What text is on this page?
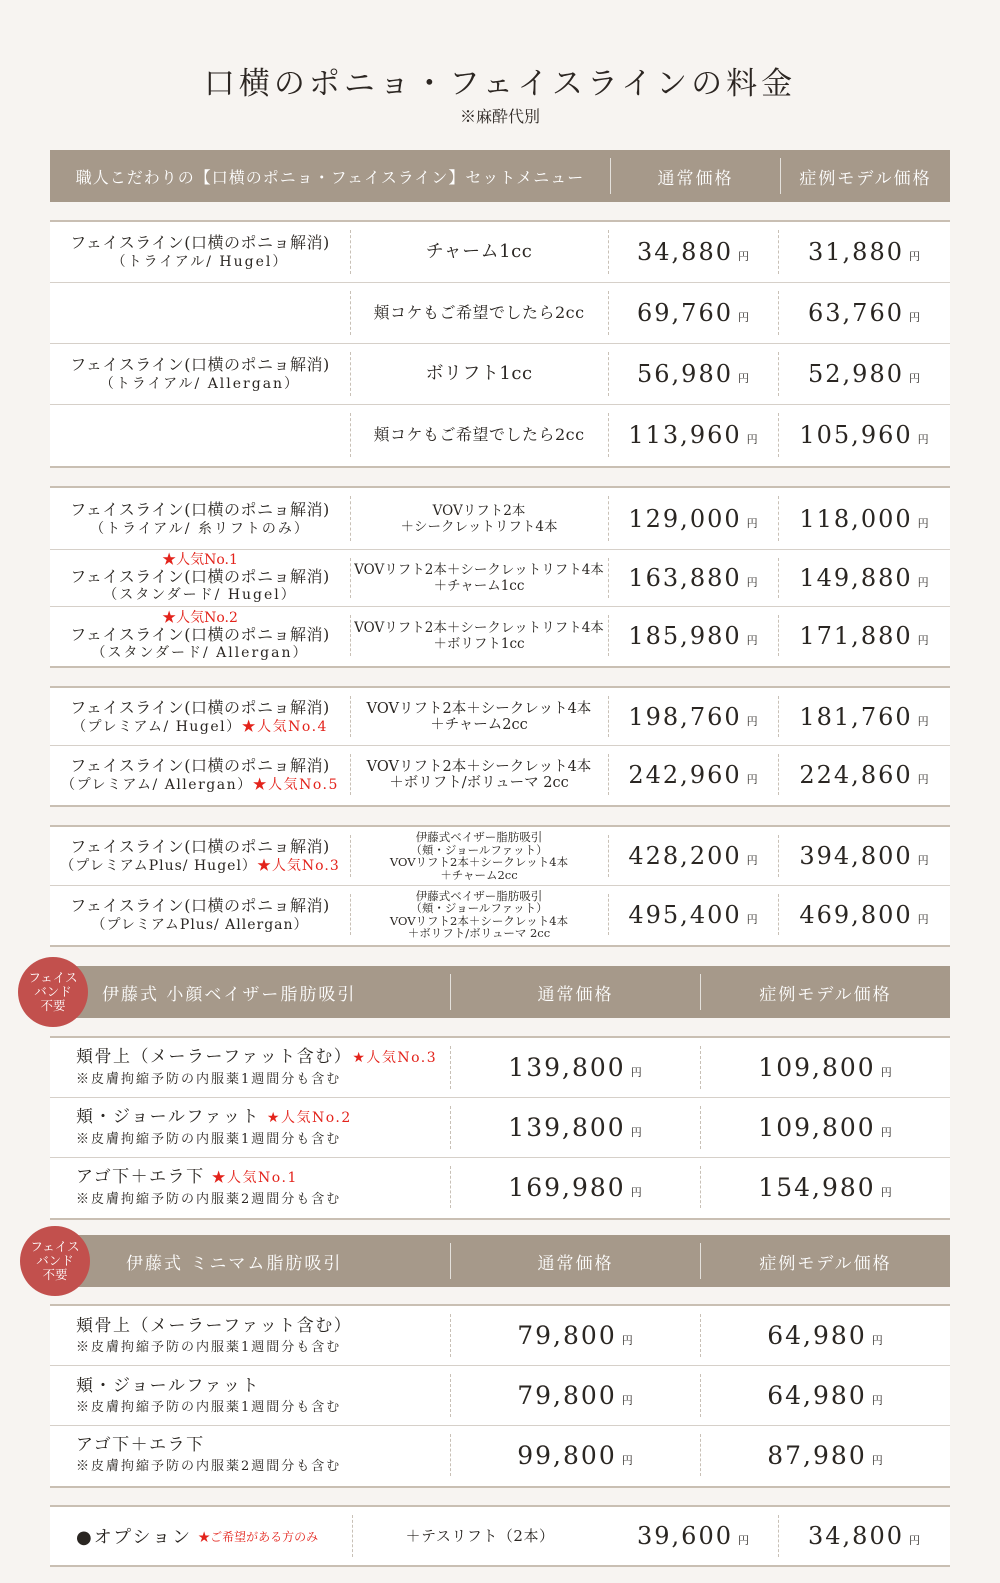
口横のポニョ・フェイスラインの料金
※麻酔代別
職人こだわりの【口横のポニョ・フェイスライン】セットメニュー	通常価格	症例モデル価格
フェイスライン(口横のポニョ解消)
（トライアル/ Hugel）	チャーム1cc	34,880 円 31,880 円
頬コケもご希望でしたら2cc 69,760 円 63,760 円
フェイスライン(口横のポニョ解消)
（トライアル/ Allergan）	ボリフト1cc	56,980 円 52,980 円
頬コケもご希望でしたら2cc 113,960 円 105,960 円
フェイスライン(口横のポニョ解消)
（トライアル/ 糸リフトのみ）
VOVリフト2本
＋シークレットリフト4本	129,000 円 118,000 円
★人気No.1
フェイスライン(口横のポニョ解消)
（スタンダード/ Hugel）
VOVリフト2本＋シークレットリフト4本
＋チャーム1cc	163,880 円 149,880 円
★人気No.2
フェイスライン(口横のポニョ解消)
（スタンダード/ Allergan）
VOVリフト2本＋シークレットリフト4本
＋ボリフト1cc	185,980 円 171,880 円
フェイスライン(口横のポニョ解消)
（プレミアム/ Hugel）★人気No.4
VOVリフト2本＋シークレット4本
＋チャーム2cc	198,760 円 181,760 円
フェイスライン(口横のポニョ解消)
（プレミアム/ Allergan）★人気No.5
VOVリフト2本＋シークレット4本
＋ボリフト/ボリューマ 2cc 242,960 円 224,860 円
フェイスライン(口横のポニョ解消)
（プレミアムPlus/ Hugel）★人気No.3
伊藤式ベイザー脂肪吸引
（頬・ジョールファット）
VOVリフト2本＋シークレット4本
＋チャーム2cc
428,200 円 394,800 円
フェイスライン(口横のポニョ解消)
（プレミアムPlus/ Allergan）
伊藤式ベイザー脂肪吸引
（頬・ジョールファット）
VOVリフト2本＋シークレット4本
＋ボリフト/ボリューマ 2cc
495,400 円 469,800 円
伊藤式 小顔ベイザー脂肪吸引	通常価格	症例モデル価格
フェイス
バンド
不要
頬骨上（メーラーファット含む）★人気No.3
※皮膚拘縮予防の内服薬1週間分も含む	139,800 円	109,800 円
頬・ジョールファット ★人気No.2
※皮膚拘縮予防の内服薬1週間分も含む	139,800 円	109,800 円
アゴ下＋エラ下 ★人気No.1
※皮膚拘縮予防の内服薬2週間分も含む	169,980 円	154,980 円
伊藤式 ミニマム脂肪吸引	通常価格	症例モデル価格
フェイス
バンド
不要
頬骨上（メーラーファット含む）
※皮膚拘縮予防の内服薬1週間分も含む	79,800 円	64,980 円
頬・ジョールファット
※皮膚拘縮予防の内服薬1週間分も含む	79,800 円	64,980 円
アゴ下＋エラ下
※皮膚拘縮予防の内服薬2週間分も含む	99,800 円	87,980 円
●オプション ★ご希望がある方のみ	＋テスリフト（2本）	39,600 円 34,800 円
